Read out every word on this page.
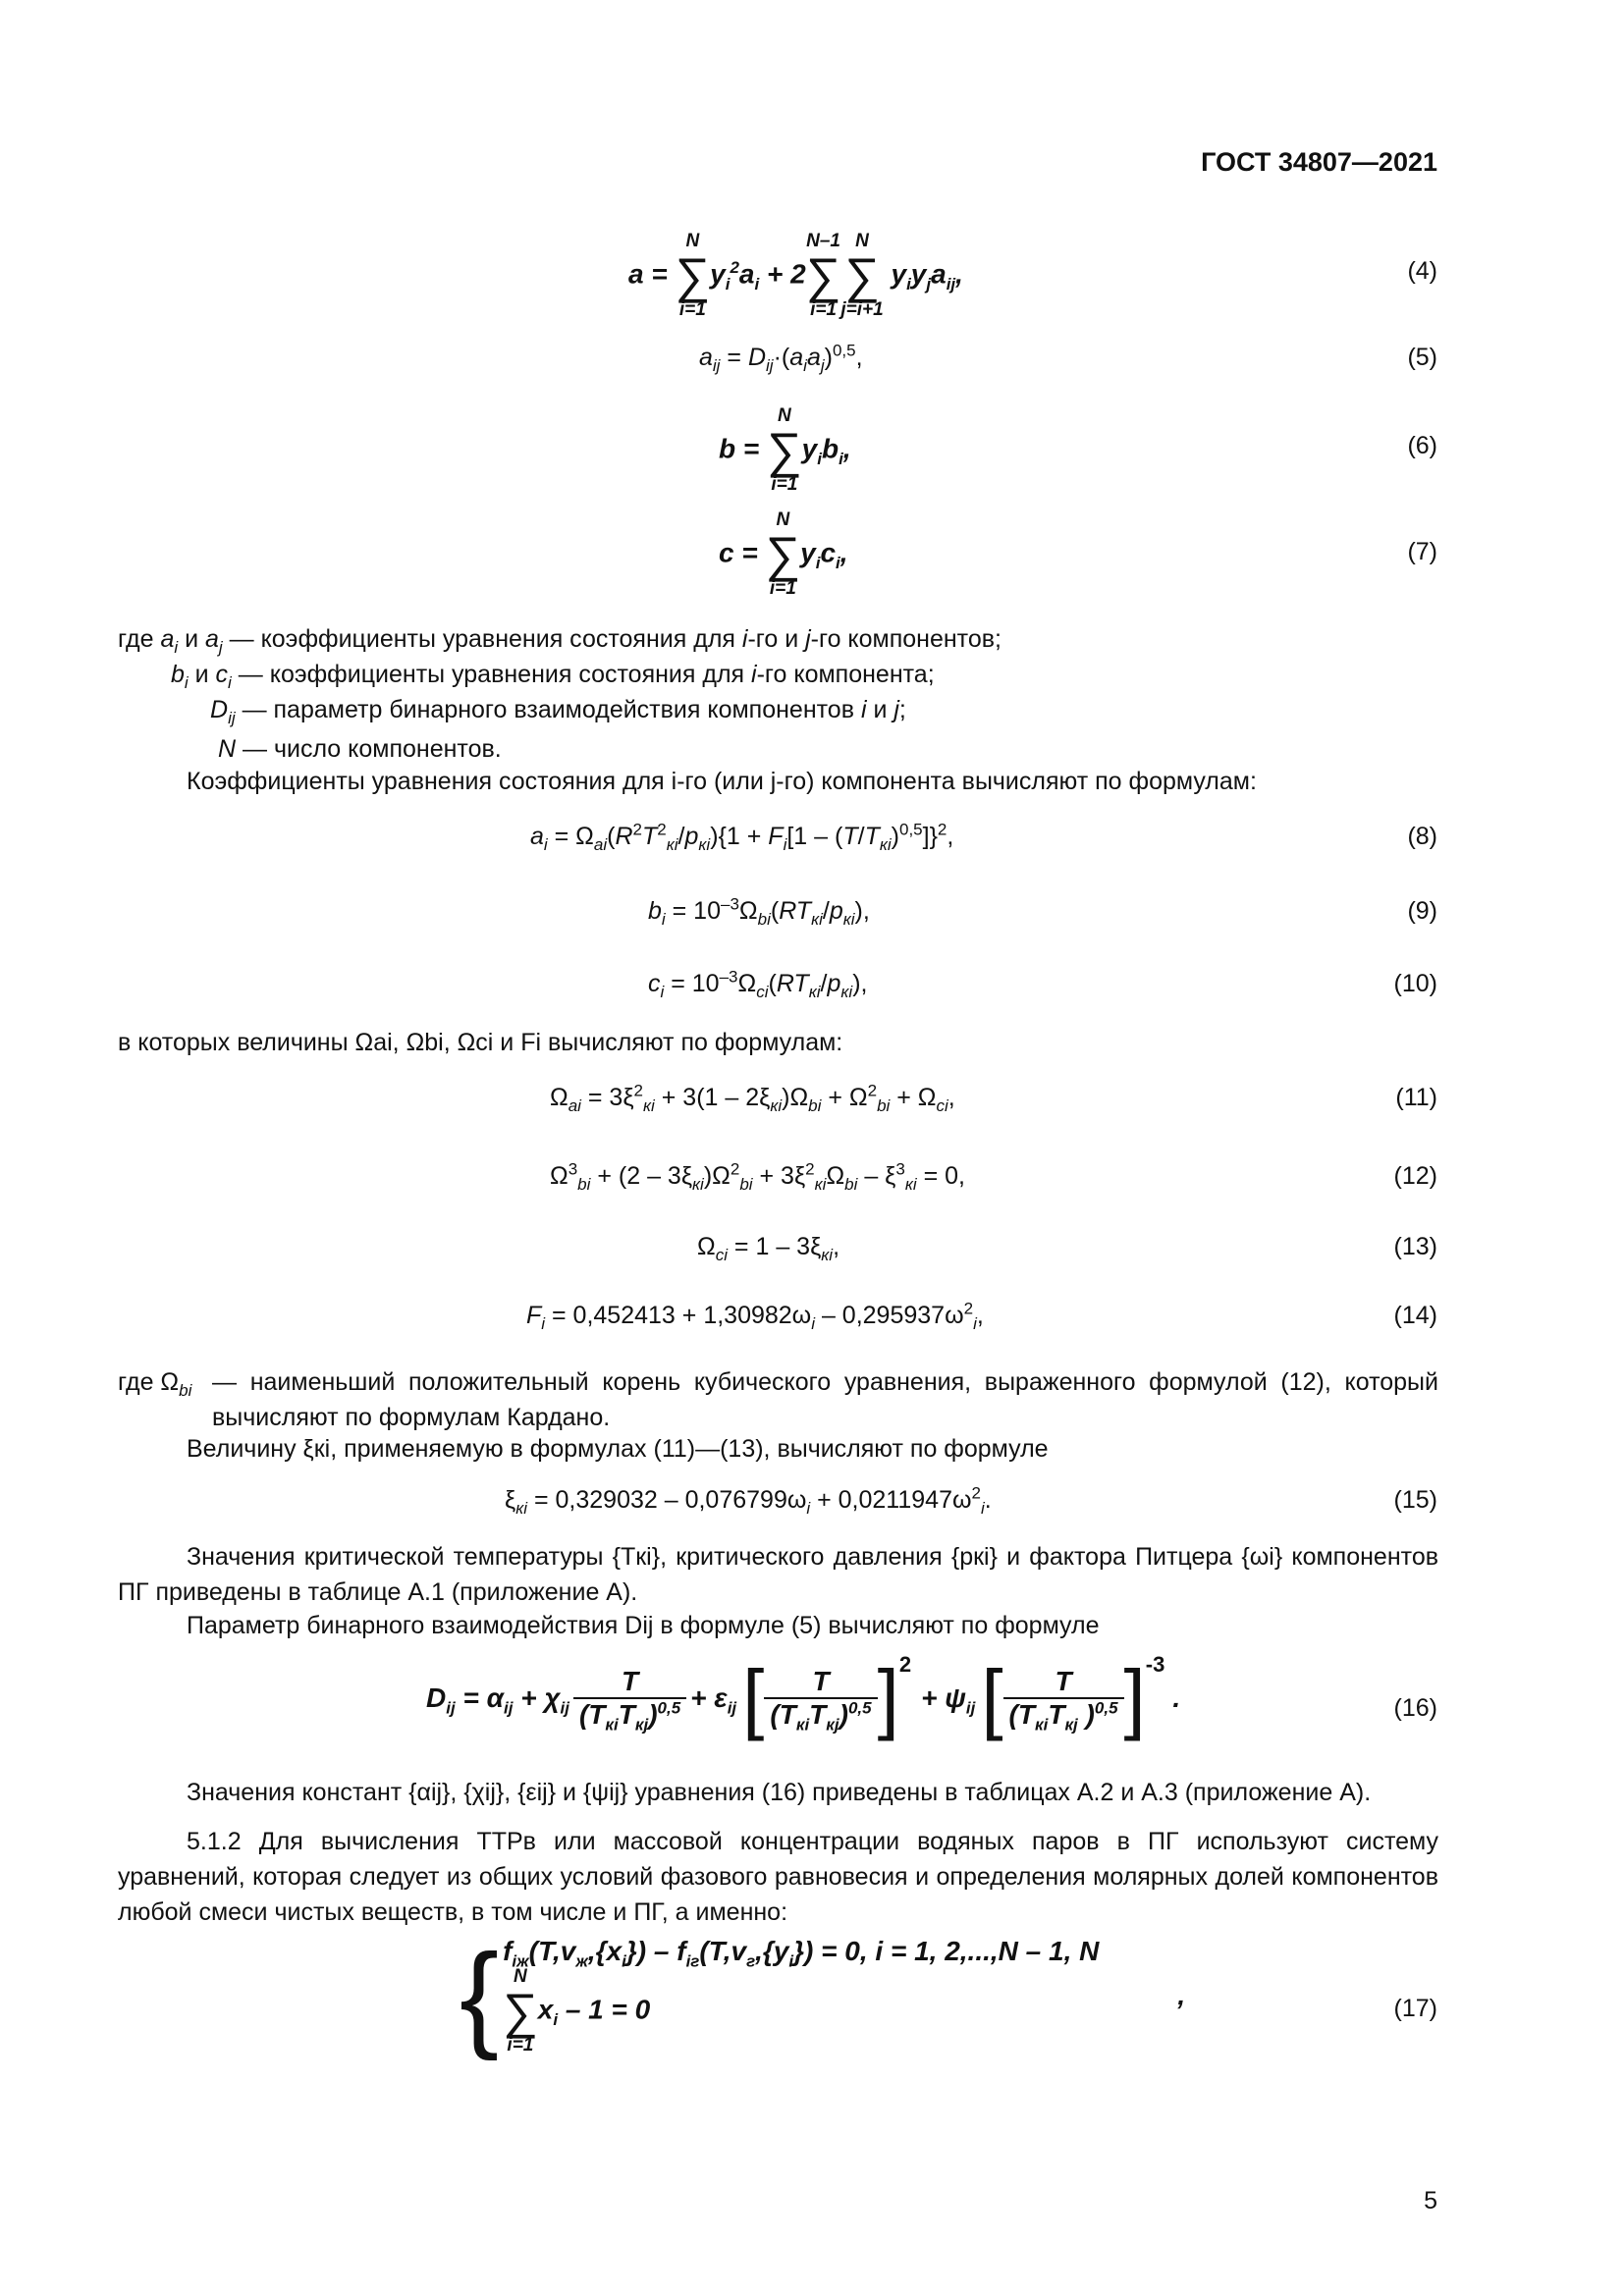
ГОСТ 34807—2021
a =
N
∑
i=1
$y_i^2a_i + 2$
N–1
∑
i=1
N
∑
j=i+1
$y_iy_ja_{ij}$,	(4)
$a_{ij} = D_{ij}\cdot(a_ia_j)^{0,5}$,	(5)
b =
N
∑
i=1
$y_ib_i$,	(6)
c =
N
∑
i=1
$y_ic_i$,	(7)
где $a_i$ и $a_j$ — коэффициенты уравнения состояния для i-го и j-го компонентов;
$b_i$ и $c_i$ — коэффициенты уравнения состояния для i-го компонента;
$D_{ij}$ — параметр бинарного взаимодействия компонентов i и j;
N — число компонентов.
Коэффициенты уравнения состояния для i-го (или j-го) компонента вычисляют по формулам:
$a_i = \Omega_{ai}(R^2T^2_{кi}/p_{кi})\{1 + F_i[1 - (T/T_{кi})^{0,5}]\}^2$,	(8)
$b_i = 10^{-3}\Omega_{bi}(RT_{кi}/p_{кi})$,	(9)
$c_i = 10^{-3}\Omega_{ci}(RT_{кi}/p_{кi})$,	(10)
в которых величины Ωai, Ωbi, Ωci и Fi вычисляют по формулам:
$\Omega_{ai} = 3\xi^2_{кi} + 3(1 - 2\xi_{кi})\Omega_{bi} + \Omega^2_{bi} + \Omega_{ci}$,	(11)
$\Omega^3_{bi} + (2 - 3\xi_{кi})\Omega^2_{bi} + 3\xi^2_{кi}\Omega_{bi} - \xi^3_{кi} = 0$,	(12)
$\Omega_{ci} = 1 - 3\xi_{кi}$,	(13)
$F_i = 0,452413 + 1,30982\omega_i - 0,295937\omega^2_i$,	(14)
где $\Omega_{bi}$ — наименьший положительный корень кубического уравнения, выраженного формулой (12), который вычисляют по формулам Кардано.
Величину ξкi, применяемую в формулах (11)—(13), вычисляют по формуле
$\xi_{кi} = 0,329032 - 0,076799\omega_i + 0,0211947\omega^2_i$.	(15)
Значения критической температуры {Tкi}, критического давления {pкi} и фактора Питцера {ωi} компонентов ПГ приведены в таблице А.1 (приложение А).
Параметр бинарного взаимодействия Dij в формуле (5) вычисляют по формуле
$D_{ij} = \alpha_{ij} + \chi_{ij} \frac{T}{(T_{кi}T_{кj})^{0,5}} + \varepsilon_{ij}$ [ $\frac{T}{(T_{кi}T_{кj})^{0,5}}$ ] 2
+ $\psi_{ij}$ [ $\frac{T}{(T_{кi}T_{кj} )^{0,5}}$ ] -3
.	(16)
Значения констант {αij}, {χij}, {εij} и {ψij} уравнения (16) приведены в таблицах А.2 и А.3 (приложение А).
5.1.2 Для вычисления ТТРв или массовой концентрации водяных паров в ПГ используют систему уравнений, которая следует из общих условий фазового равновесия и определения молярных долей компонентов любой смеси чистых веществ, в том числе и ПГ, а именно:
{ $f_{iж}(T,v_ж,\{x_i\}) - f_{iг}(T,v_г,\{y_i\}) = 0$, i = 1, 2,...,N – 1, N
N
∑
i=1
$x_i - 1 = 0$	,	(17)
5
